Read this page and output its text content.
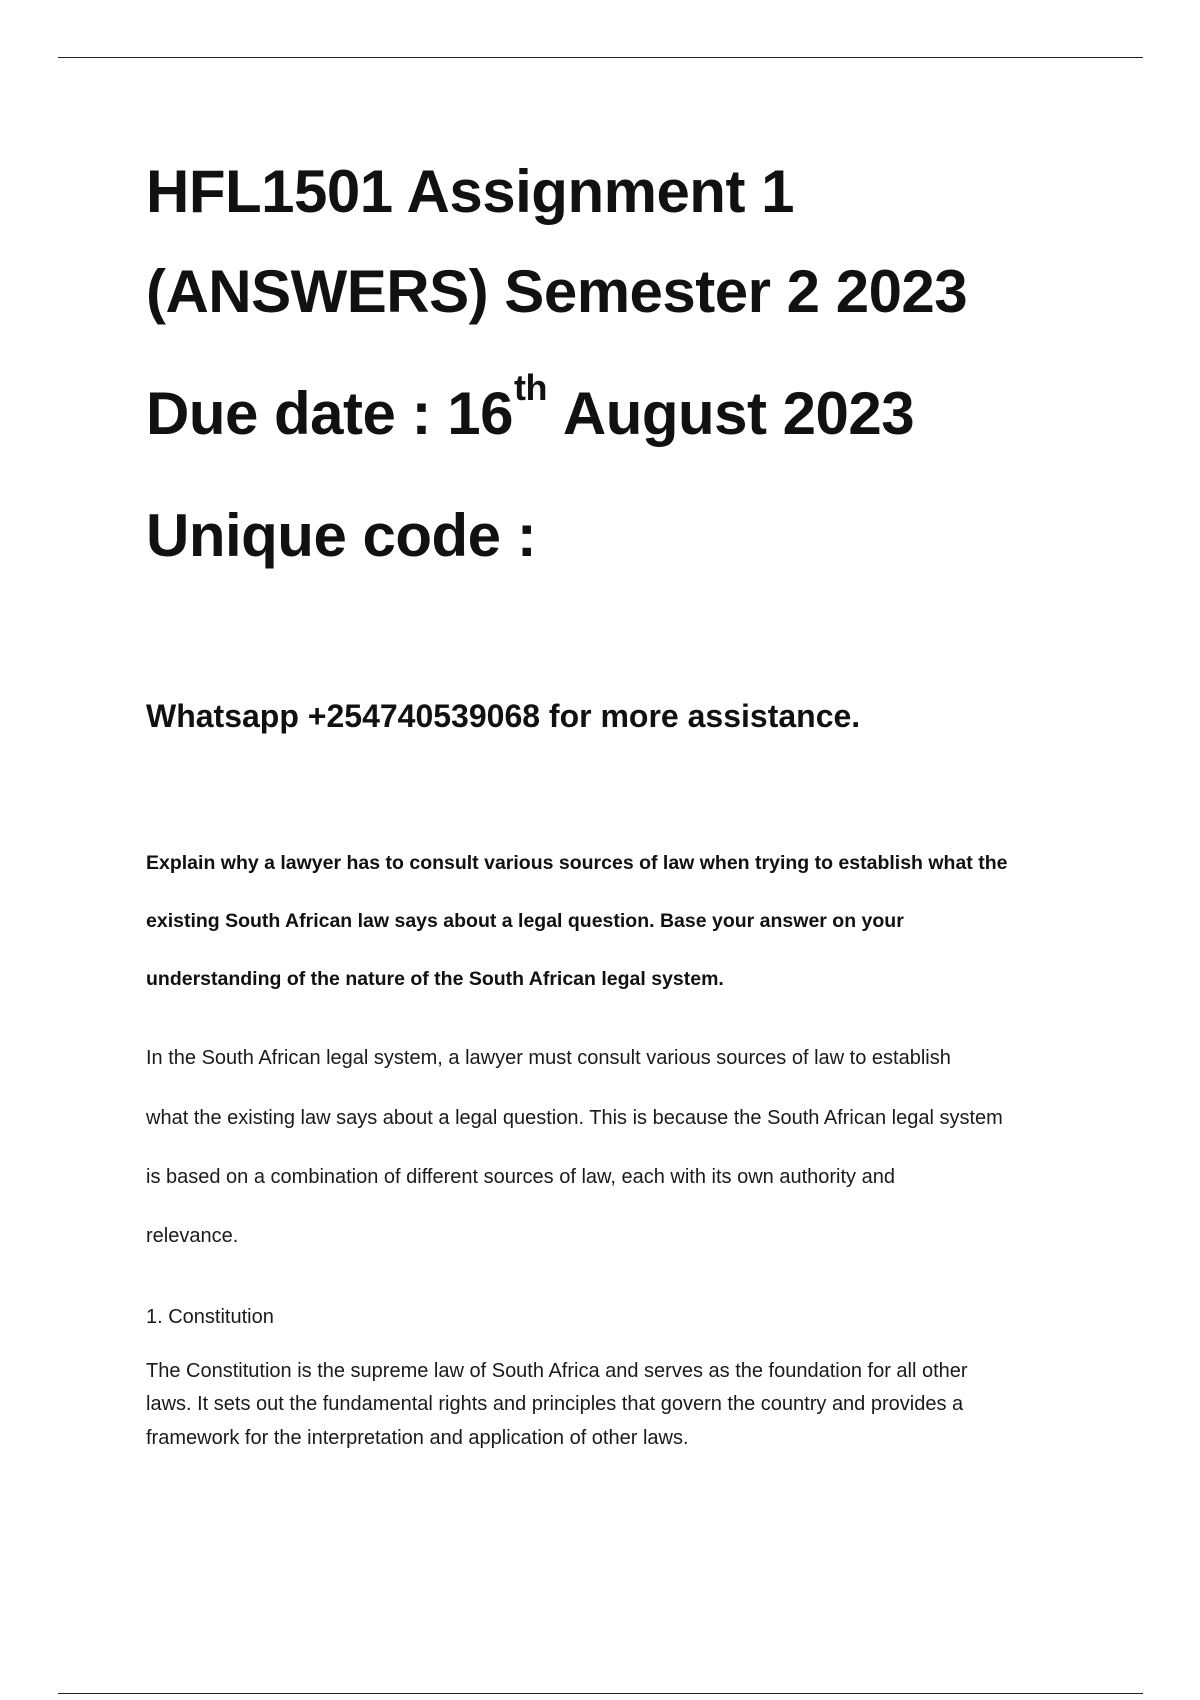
HFL1501 Assignment 1
(ANSWERS) Semester 2 2023
Due date : 16th August 2023
Unique code :
Whatsapp +254740539068 for more assistance.
Explain why a lawyer has to consult various sources of law when trying to establish what the
existing South African law says about a legal question. Base your answer on your
understanding of the nature of the South African legal system.
In the South African legal system, a lawyer must consult various sources of law to establish
what the existing law says about a legal question. This is because the South African legal system
is based on a combination of different sources of law, each with its own authority and
relevance.
1. Constitution
The Constitution is the supreme law of South Africa and serves as the foundation for all other
laws. It sets out the fundamental rights and principles that govern the country and provides a
framework for the interpretation and application of other laws.
